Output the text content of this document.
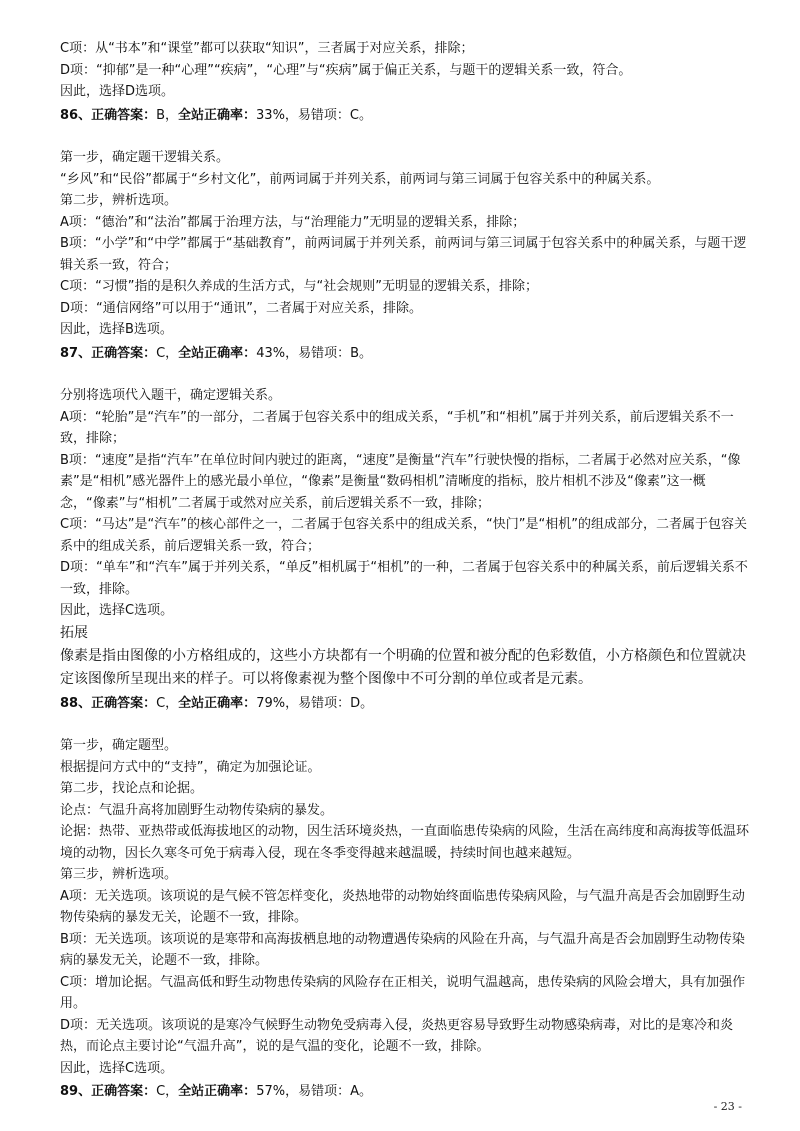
C项：从“书本”和“课堂”都可以获取“知识”，三者属于对应关系，排除；

D项：“抑郁”是一种“心理”“疾病”，“心理”与“疾病”属于偏正关系，与题干的逻辑关系一致，符合。

因此，选择D选项。

86、正确答案：B，全站正确率：33%，易错项：C。

第一步，确定题干逻辑关系。

“乡风”和“民俗”都属于“乡村文化”，前两词属于并列关系，前两词与第三词属于包容关系中的种属关系。

第二步，辨析选项。

A项：“德治”和“法治”都属于治理方法，与“治理能力”无明显的逻辑关系，排除；

B项：“小学”和“中学”都属于“基础教育”，前两词属于并列关系，前两词与第三词属于包容关系中的种属关系，与题干逻辑关系一致，符合；

C项：“习惯”指的是积久养成的生活方式，与“社会规则”无明显的逻辑关系，排除；

D项：“通信网络”可以用于“通讯”，二者属于对应关系，排除。

因此，选择B选项。

87、正确答案：C，全站正确率：43%，易错项：B。

分别将选项代入题干，确定逻辑关系。

A项：“轮胎”是“汽车”的一部分，二者属于包容关系中的组成关系，“手机”和“相机”属于并列关系，前后逻辑关系不一致，排除；

B项：“速度”是指“汽车”在单位时间内驶过的距离，“速度”是衡量“汽车”行驶快慢的指标，二者属于必然对应关系，“像素”是“相机”感光器件上的感光最小单位，“像素”是衡量“数码相机”清晰度的指标，胶片相机不涉及“像素”这一概念，“像素”与“相机”二者属于或然对应关系，前后逻辑关系不一致，排除；

C项：“马达”是“汽车”的核心部件之一，二者属于包容关系中的组成关系，“快门”是“相机”的组成部分，二者属于包容关系中的组成关系，前后逻辑关系一致，符合；

D项：“单车”和“汽车”属于并列关系，“单反”相机属于“相机”的一种，二者属于包容关系中的种属关系，前后逻辑关系不一致，排除。

因此，选择C选项。

拓展

像素是指由图像的小方格组成的，这些小方块都有一个明确的位置和被分配的色彩数值，小方格颜色和位置就决定该图像所呈现出来的样子。可以将像素视为整个图像中不可分割的单位或者是元素。

88、正确答案：C，全站正确率：79%，易错项：D。

第一步，确定题型。

根据提问方式中的“支持”，确定为加强论证。

第二步，找论点和论据。

论点：气温升高将加剧野生动物传染病的暴发。

论据：热带、亚热带或低海拔地区的动物，因生活环境炎热，一直面临患传染病的风险，生活在高纬度和高海拔等低温环境的动物，因长久寒冬可免于病毒入侵，现在冬季变得越来越温暖，持续时间也越来越短。

第三步，辨析选项。

A项：无关选项。该项说的是气候不管怎样变化，炎热地带的动物始终面临患传染病风险，与气温升高是否会加剧野生动物传染病的暴发无关，论题不一致，排除。

B项：无关选项。该项说的是寒带和高海拔栖息地的动物遭遇传染病的风险在升高，与气温升高是否会加剧野生动物传染病的暴发无关，论题不一致，排除。

C项：增加论据。气温高低和野生动物患传染病的风险存在正相关，说明气温越高，患传染病的风险会增大，具有加强作用。

D项：无关选项。该项说的是寒冷气候野生动物免受病毒入侵，炎热更容易导致野生动物感染病毒，对比的是寒冷和炎热，而论点主要讨论“气温升高”，说的是气温的变化，论题不一致，排除。

因此，选择C选项。

89、正确答案：C，全站正确率：57%，易错项：A。

- 23 -
